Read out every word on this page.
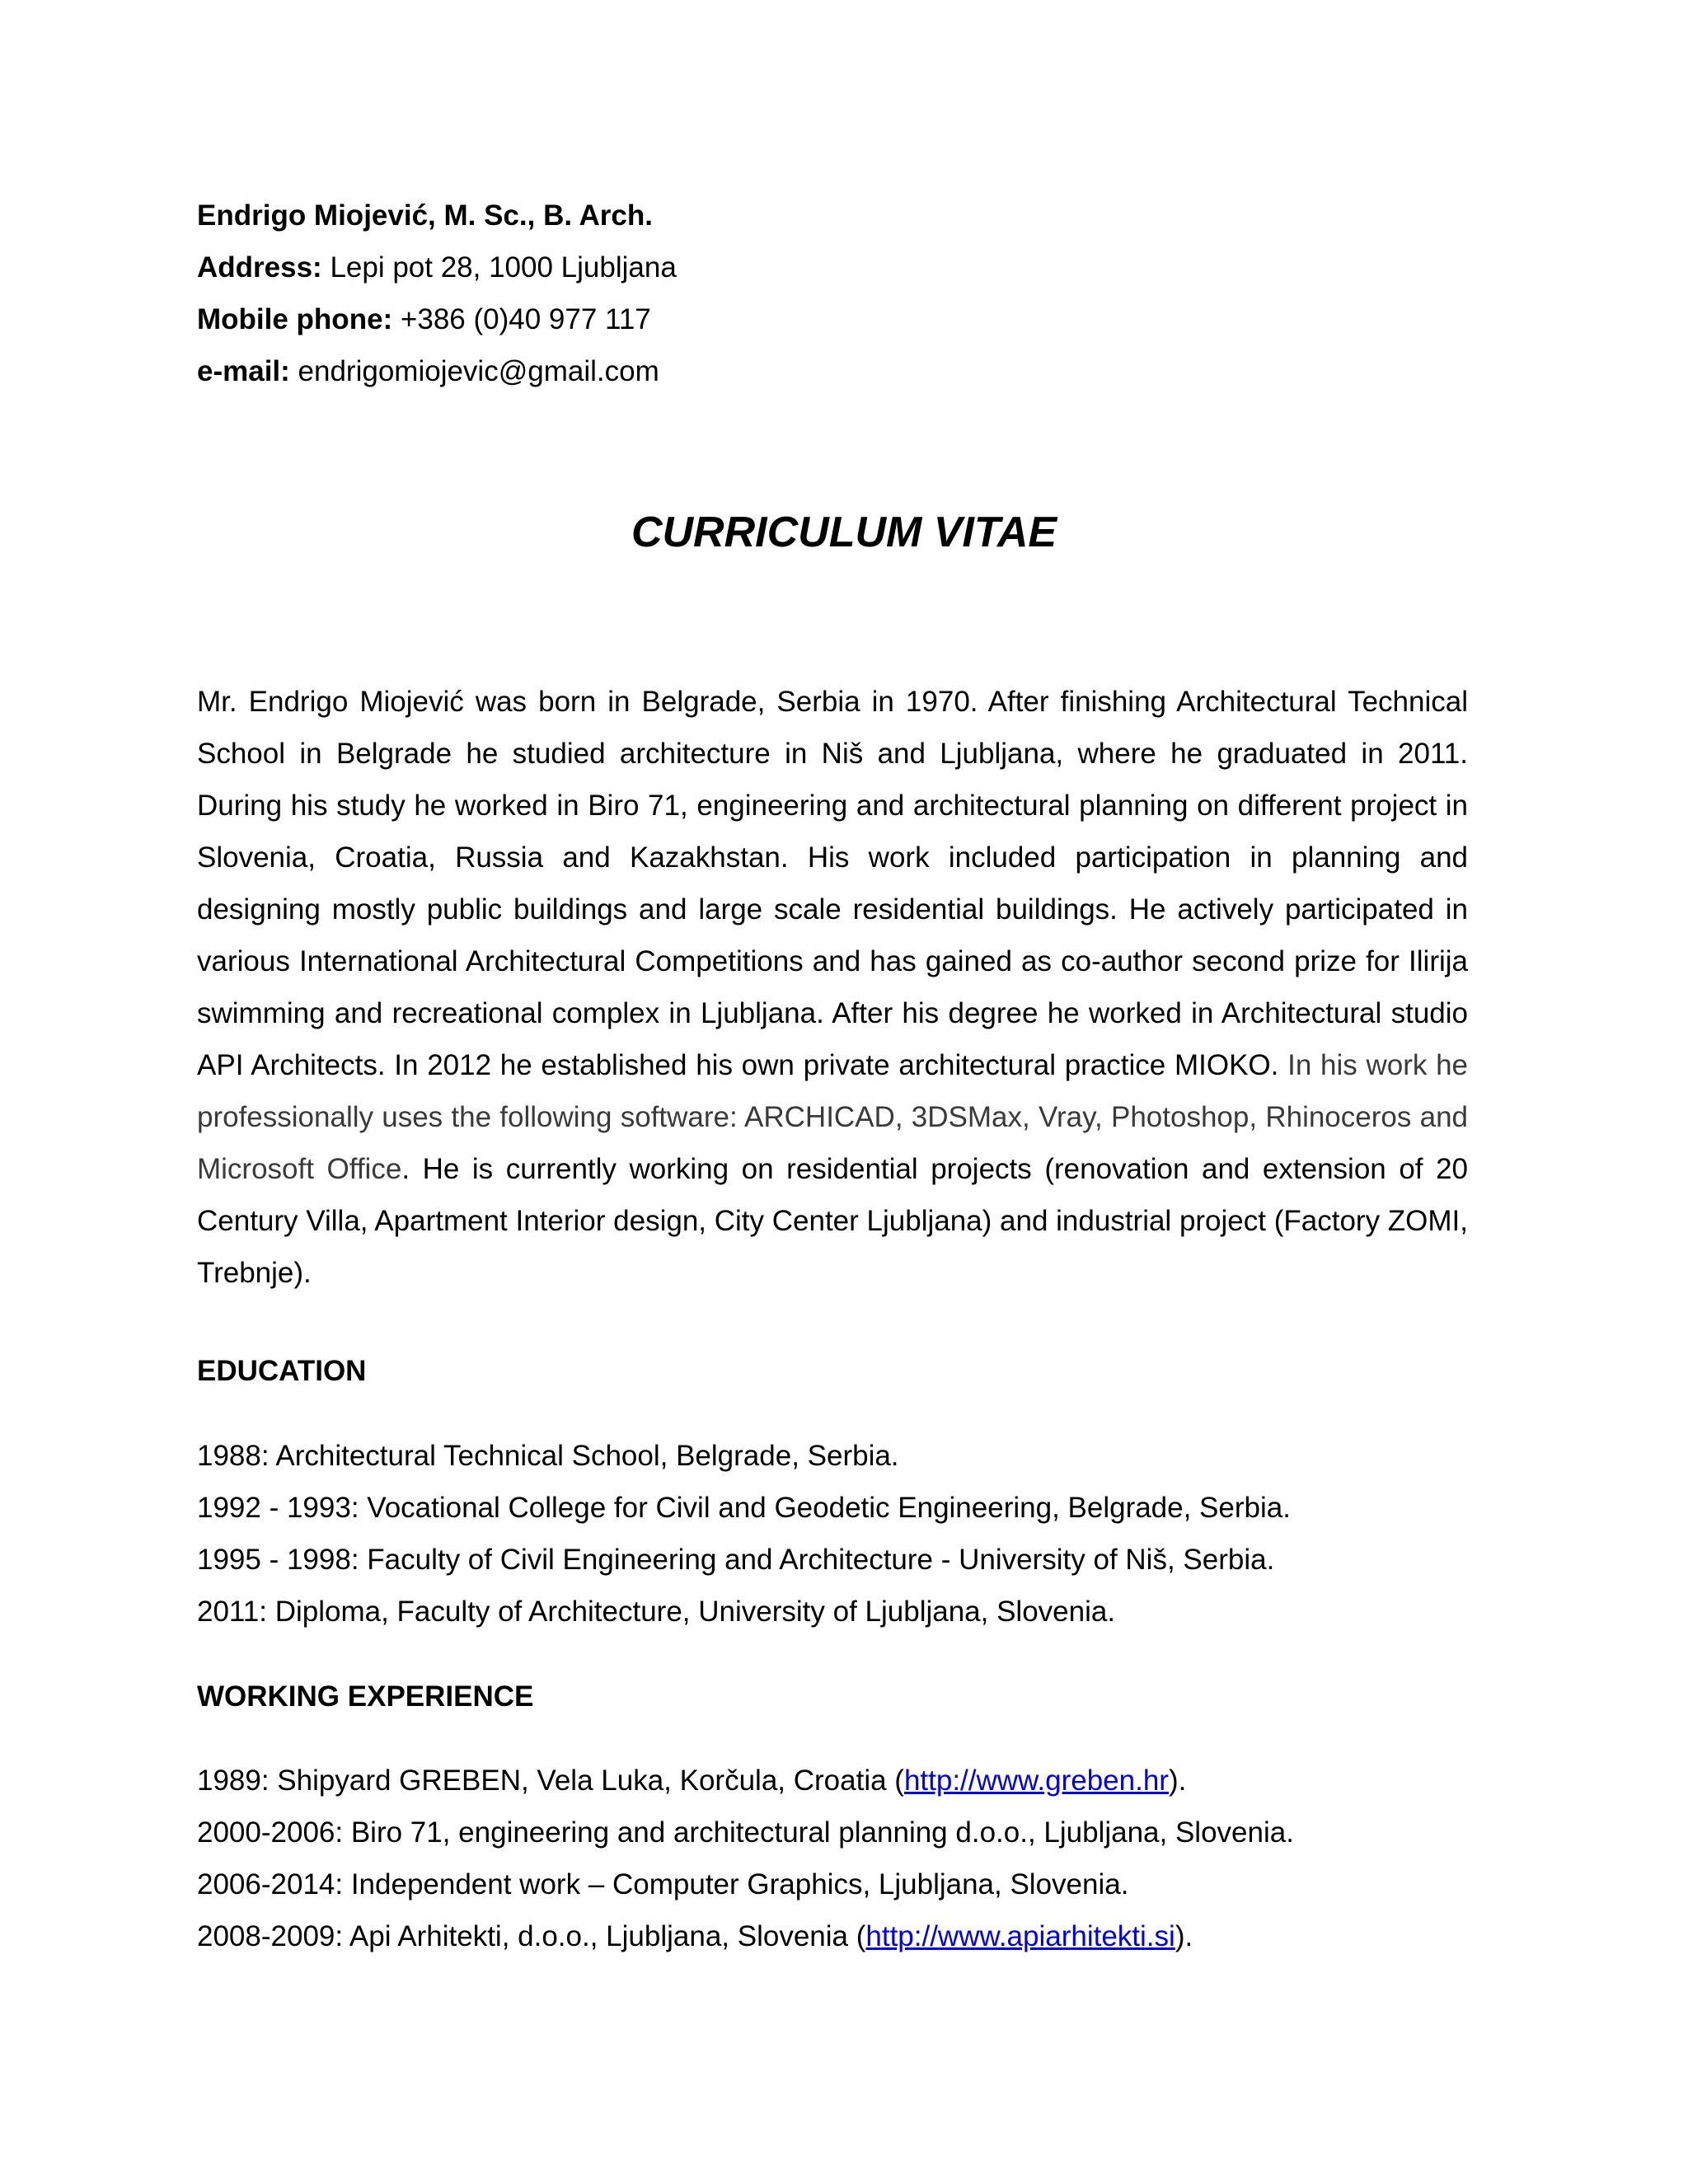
Endrigo Miojević, M. Sc., B. Arch.
Address: Lepi pot 28, 1000 Ljubljana
Mobile phone: +386 (0)40 977 117
e-mail: endrigomiojevic@gmail.com
CURRICULUM VITAE
Mr. Endrigo Miojević was born in Belgrade, Serbia in 1970. After finishing Architectural Technical School in Belgrade he studied architecture in Niš and Ljubljana, where he graduated in 2011. During his study he worked in Biro 71, engineering and architectural planning on different project in Slovenia, Croatia, Russia and Kazakhstan. His work included participation in planning and designing mostly public buildings and large scale residential buildings. He actively participated in various International Architectural Competitions and has gained as co-author second prize for Ilirija swimming and recreational complex in Ljubljana. After his degree he worked in Architectural studio API Architects. In 2012 he established his own private architectural practice MIOKO. In his work he professionally uses the following software: ARCHICAD, 3DSMax, Vray, Photoshop, Rhinoceros and Microsoft Office. He is currently working on residential projects (renovation and extension of 20 Century Villa, Apartment Interior design, City Center Ljubljana) and industrial project (Factory ZOMI, Trebnje).
EDUCATION
1988: Architectural Technical School, Belgrade, Serbia.
1992 - 1993: Vocational College for Civil and Geodetic Engineering, Belgrade, Serbia.
1995 - 1998: Faculty of Civil Engineering and Architecture - University of Niš, Serbia.
2011: Diploma, Faculty of Architecture, University of Ljubljana, Slovenia.
WORKING EXPERIENCE
1989: Shipyard GREBEN, Vela Luka, Korčula, Croatia (http://www.greben.hr).
2000-2006: Biro 71, engineering and architectural planning d.o.o., Ljubljana, Slovenia.
2006-2014: Independent work – Computer Graphics, Ljubljana, Slovenia.
2008-2009: Api Arhitekti, d.o.o., Ljubljana, Slovenia (http://www.apiarhitekti.si).
